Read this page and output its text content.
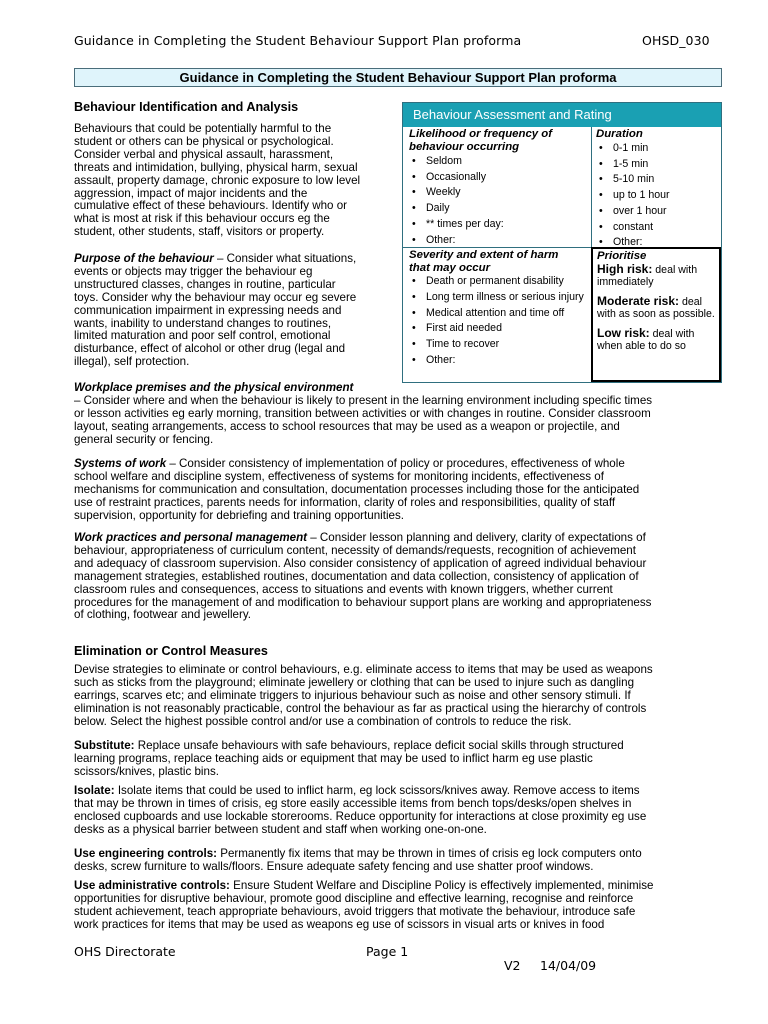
Guidance in Completing the Student Behaviour Support Plan proforma	OHSD_030
Guidance in Completing the Student Behaviour Support Plan proforma
Behaviour Identification and Analysis
Behaviours that could be potentially harmful to the
student or others can be physical or psychological.
Consider verbal and physical assault, harassment,
threats and intimidation, bullying, physical harm, sexual
assault, property damage, chronic exposure to low level
aggression, impact of major incidents and the
cumulative effect of these behaviours. Identify who or
what is most at risk if this behaviour occurs eg the
student, other students, staff, visitors or property.
Purpose of the behaviour – Consider what situations,
events or objects may trigger the behaviour eg
unstructured classes, changes in routine, particular
toys. Consider why the behaviour may occur eg severe
communication impairment in expressing needs and
wants, inability to understand changes to routines,
limited maturation and poor self control, emotional
disturbance, effect of alcohol or other drug (legal and
illegal), self protection.
Behaviour Assessment and Rating
Likelihood or frequency of
behaviour occurring
• Seldom
• Occasionally
• Weekly
• Daily
• ** times per day:
• Other:
Duration
• 0-1 min
• 1-5 min
• 5-10 min
• up to 1 hour
• over 1 hour
• constant
• Other:
Severity and extent of harm
that may occur
• Death or permanent disability
• Long term illness or serious injury
• Medical attention and time off
• First aid needed
• Time to recover
• Other:
Prioritise
High risk: deal with immediately
Moderate risk: deal with as soon as possible.
Low risk: deal with when able to do so
Workplace premises and the physical environment
– Consider where and when the behaviour is likely to present in the learning environment including specific times
or lesson activities eg early morning, transition between activities or with changes in routine. Consider classroom
layout, seating arrangements, access to school resources that may be used as a weapon or projectile, and
general security or fencing.
Systems of work – Consider consistency of implementation of policy or procedures, effectiveness of whole
school welfare and discipline system, effectiveness of systems for monitoring incidents, effectiveness of
mechanisms for communication and consultation, documentation processes including those for the anticipated
use of restraint practices, parents needs for information, clarity of roles and responsibilities, quality of staff
supervision, opportunity for debriefing and training opportunities.
Work practices and personal management – Consider lesson planning and delivery, clarity of expectations of
behaviour, appropriateness of curriculum content, necessity of demands/requests, recognition of achievement
and adequacy of classroom supervision. Also consider consistency of application of agreed individual behaviour
management strategies, established routines, documentation and data collection, consistency of application of
classroom rules and consequences, access to situations and events with known triggers, whether current
procedures for the management of and modification to behaviour support plans are working and appropriateness
of clothing, footwear and jewellery.
Elimination or Control Measures
Devise strategies to eliminate or control behaviours, e.g. eliminate access to items that may be used as weapons
such as sticks from the playground; eliminate jewellery or clothing that can be used to injure such as dangling
earrings, scarves etc; and eliminate triggers to injurious behaviour such as noise and other sensory stimuli. If
elimination is not reasonably practicable, control the behaviour as far as practical using the hierarchy of controls
below. Select the highest possible control and/or use a combination of controls to reduce the risk.
Substitute: Replace unsafe behaviours with safe behaviours, replace deficit social skills through structured
learning programs, replace teaching aids or equipment that may be used to inflict harm eg use plastic
scissors/knives, plastic bins.
Isolate: Isolate items that could be used to inflict harm, eg lock scissors/knives away. Remove access to items
that may be thrown in times of crisis, eg store easily accessible items from bench tops/desks/open shelves in
enclosed cupboards and use lockable storerooms. Reduce opportunity for interactions at close proximity eg use
desks as a physical barrier between student and staff when working one-on-one.
Use engineering controls: Permanently fix items that may be thrown in times of crisis eg lock computers onto
desks, screw furniture to walls/floors. Ensure adequate safety fencing and use shatter proof windows.
Use administrative controls: Ensure Student Welfare and Discipline Policy is effectively implemented, minimise
opportunities for disruptive behaviour, promote good discipline and effective learning, recognise and reinforce
student achievement, teach appropriate behaviours, avoid triggers that motivate the behaviour, introduce safe
work practices for items that may be used as weapons eg use of scissors in visual arts or knives in food
OHS Directorate	Page 1
V2 14/04/09
